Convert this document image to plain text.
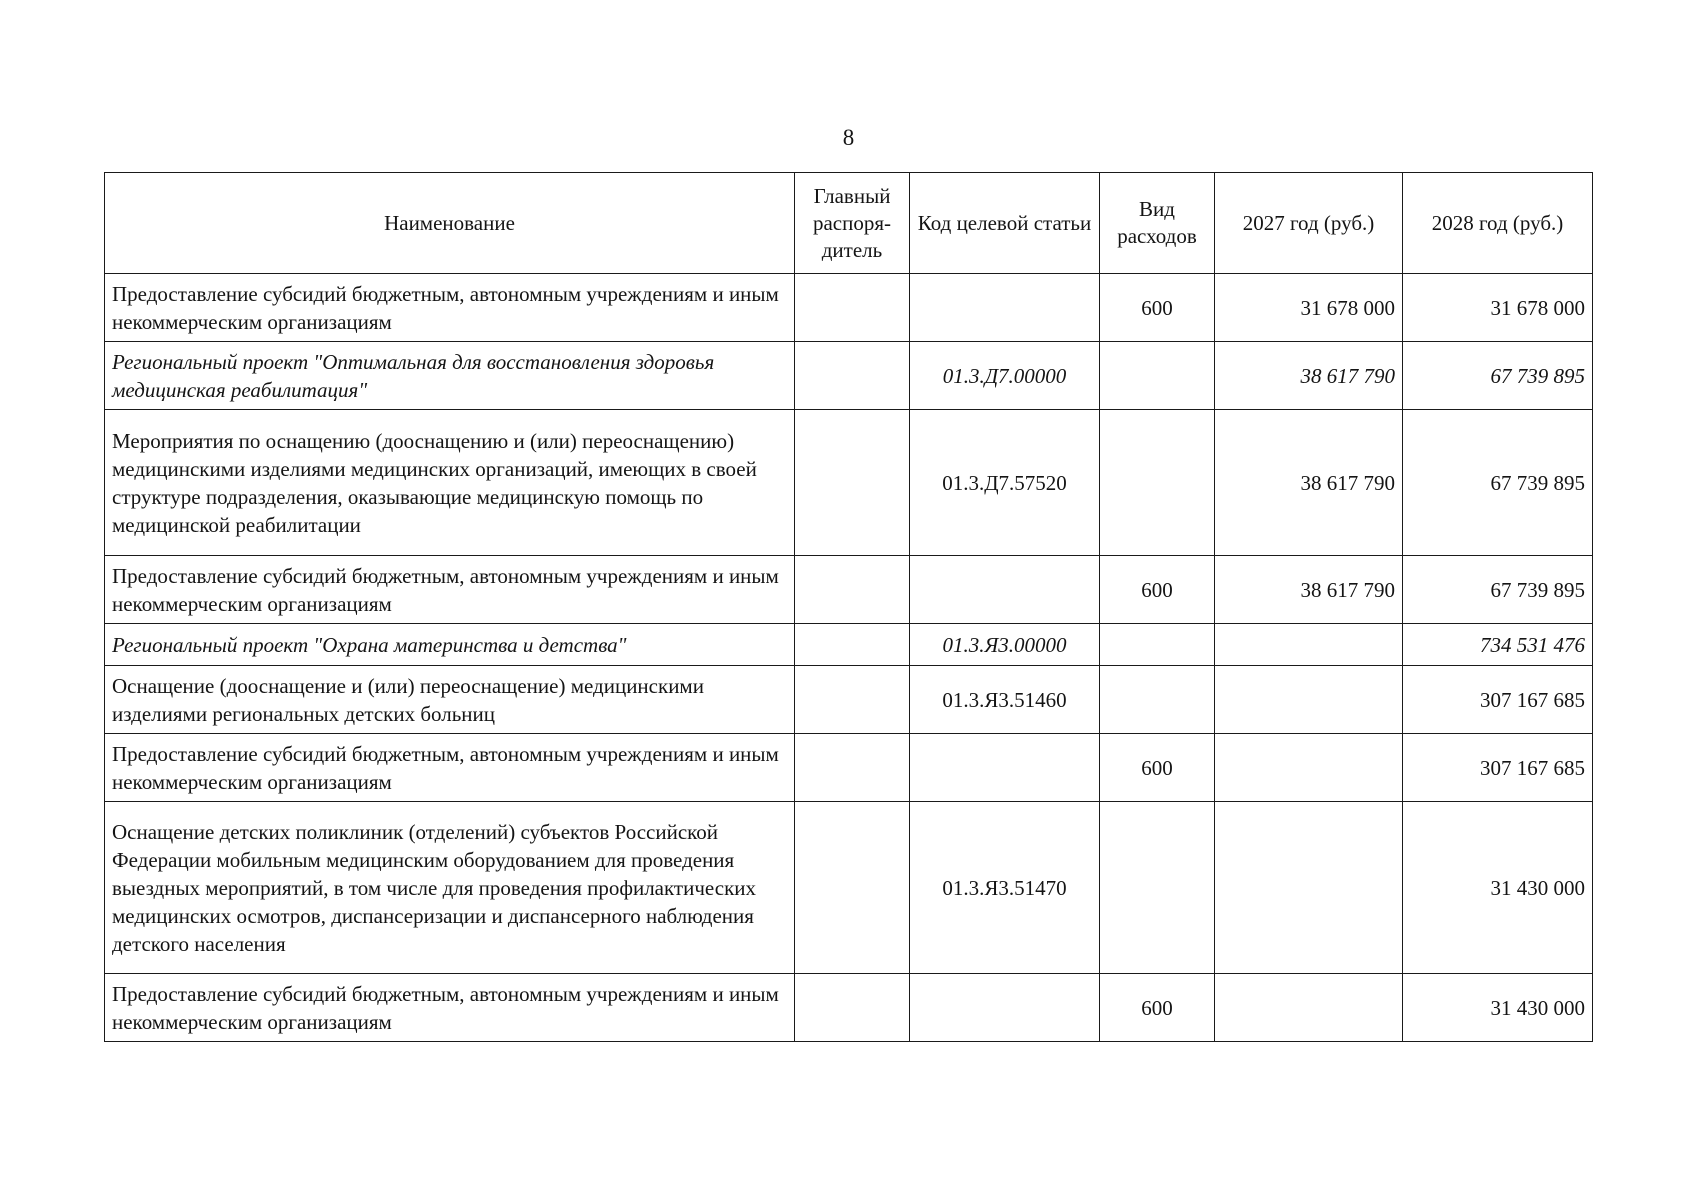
8
Наименование	Главный распоря-дитель	Код целевой статьи	Вид расходов	2027 год (руб.)	2028 год (руб.)
Предоставление субсидий бюджетным, автономным учреждениям и иным некоммерческим организациям			600	31 678 000	31 678 000
Региональный проект "Оптимальная для восстановления здоровья медицинская реабилитация"		01.3.Д7.00000		38 617 790	67 739 895
Мероприятия по оснащению (дооснащению и (или) переоснащению) медицинскими изделиями медицинских организаций, имеющих в своей структуре подразделения, оказывающие медицинскую помощь по медицинской реабилитации		01.3.Д7.57520		38 617 790	67 739 895
Предоставление субсидий бюджетным, автономным учреждениям и иным некоммерческим организациям			600	38 617 790	67 739 895
Региональный проект "Охрана материнства и детства"		01.3.Я3.00000			734 531 476
Оснащение (дооснащение и (или) переоснащение) медицинскими изделиями региональных детских больниц		01.3.Я3.51460			307 167 685
Предоставление субсидий бюджетным, автономным учреждениям и иным некоммерческим организациям			600		307 167 685
Оснащение детских поликлиник (отделений) субъектов Российской Федерации мобильным медицинским оборудованием для проведения выездных мероприятий, в том числе для проведения профилактических медицинских осмотров, диспансеризации и диспансерного наблюдения детского населения		01.3.Я3.51470			31 430 000
Предоставление субсидий бюджетным, автономным учреждениям и иным некоммерческим организациям			600		31 430 000
